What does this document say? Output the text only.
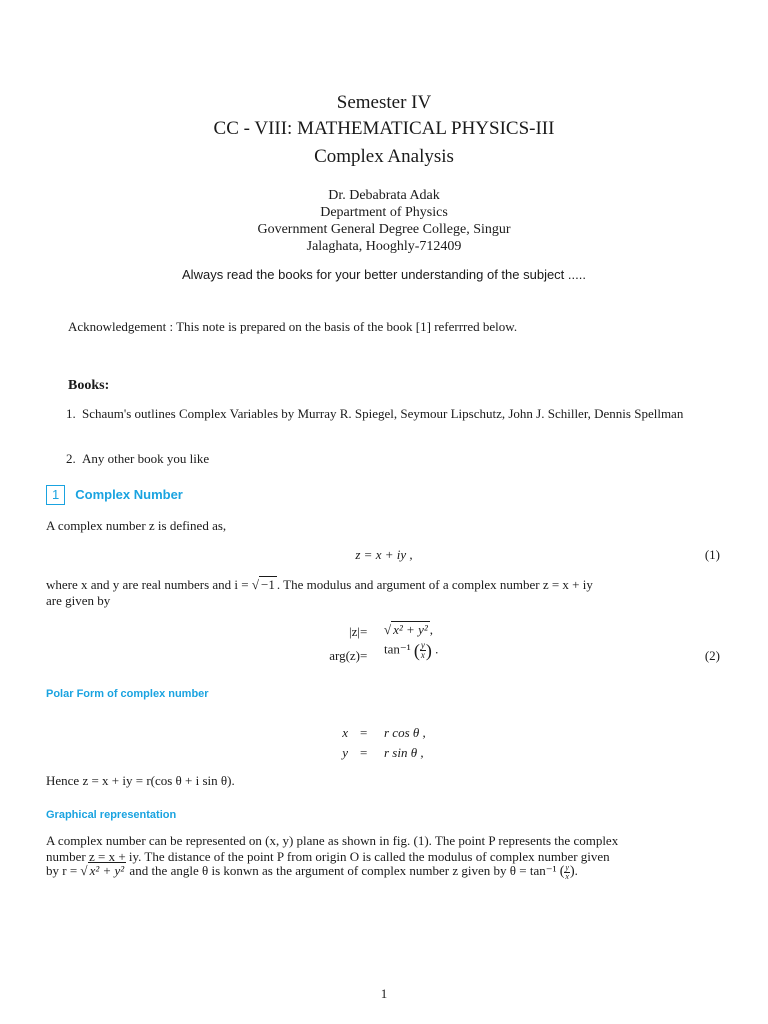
Semester IV
CC - VIII: MATHEMATICAL PHYSICS-III
Complex Analysis
Dr. Debabrata Adak
Department of Physics
Government General Degree College, Singur
Jalaghata, Hooghly-712409
Always read the books for your better understanding of the subject .....
Acknowledgement : This note is prepared on the basis of the book [1] referrred below.
Books:
1. Schaum's outlines Complex Variables by Murray R. Spiegel, Seymour Lipschutz, John J. Schiller, Dennis Spellman
2. Any other book you like
1 Complex Number
A complex number z is defined as,
z = x + iy ,	(1)
where x and y are real numbers and i = √ −1 . The modulus and argument of a complex number z = x + iy
are given by
|z| = √ x² + y² ,
arg(z) = tan⁻¹ ( $\frac{y}{x}$ ) .	(2)
Polar Form of complex number
x = r cos θ ,
y = r sin θ ,
Hence z = x + iy = r(cos θ + i sin θ).
Graphical representation
A complex number can be represented on (x, y) plane as shown in fig. (1). The point P represents the complex
number z = x + iy. The distance of the point P from origin O is called the modulus of complex number given
by r = √ x² + y² and the angle θ is konwn as the argument of complex number z given by θ = tan⁻¹ ( $\frac{y}{x}$ ).
1
